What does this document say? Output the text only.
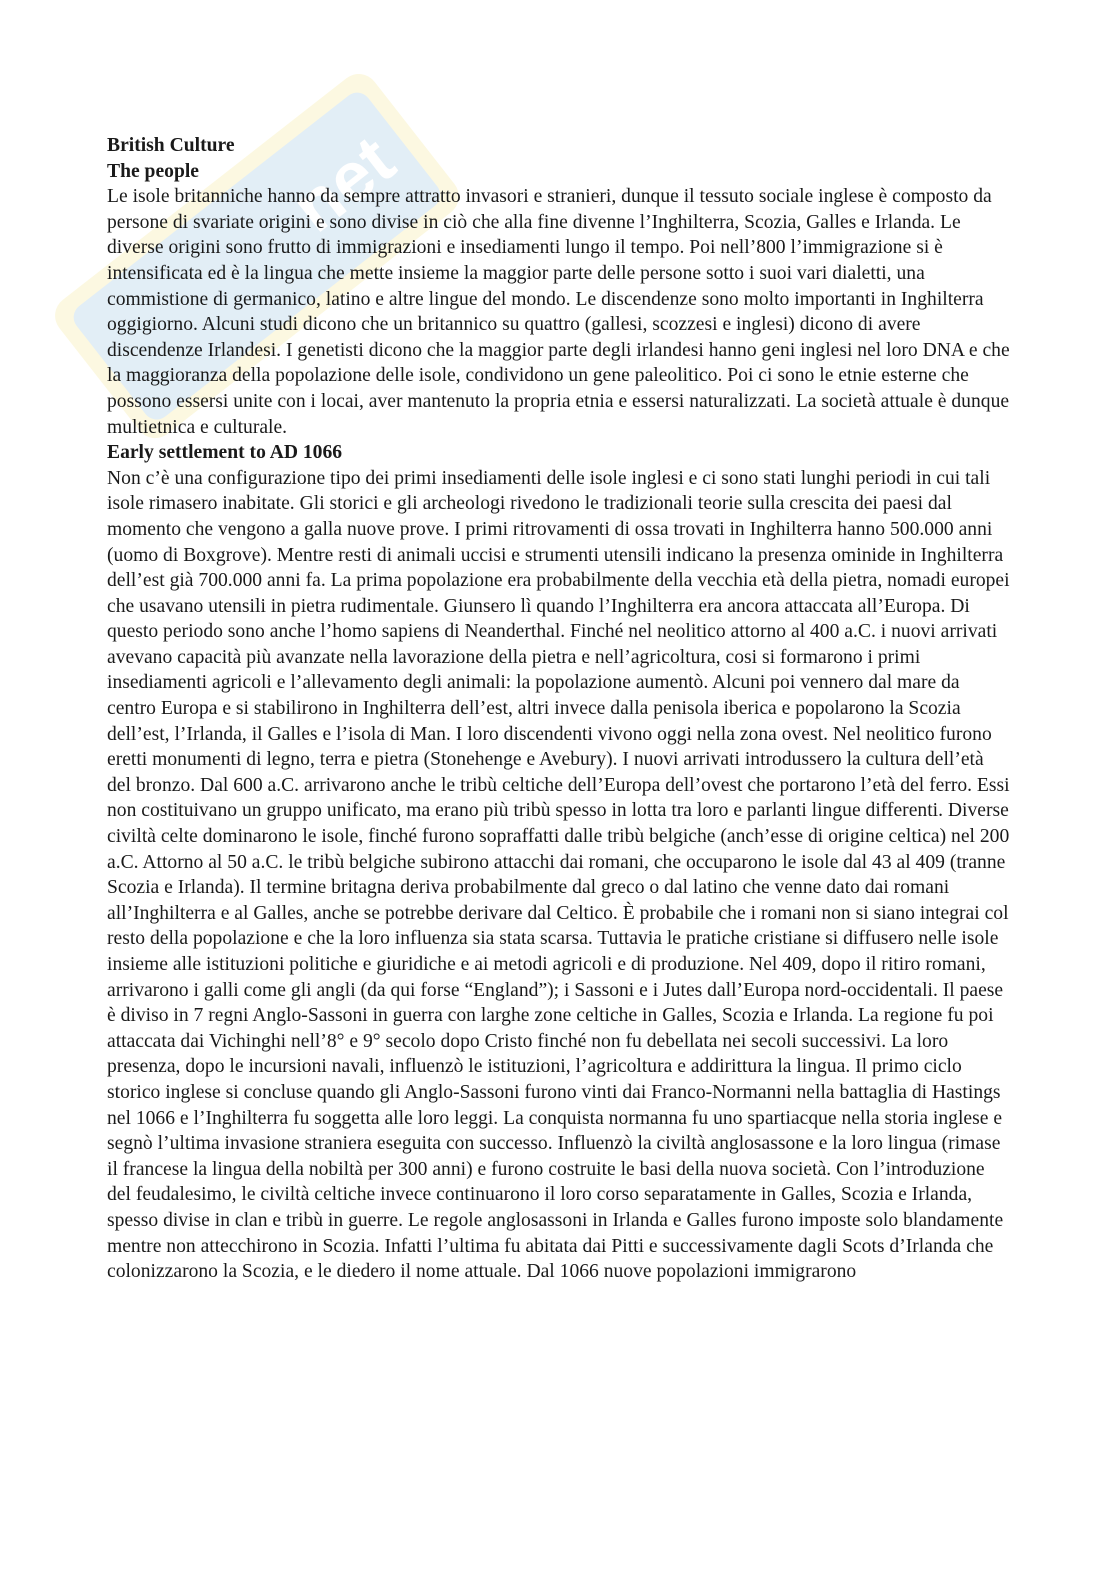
net

British Culture

The people

Le isole britanniche hanno da sempre attratto invasori e stranieri, dunque il tessuto sociale inglese è composto da persone di svariate origini e sono divise in ciò che alla fine divenne l’Inghilterra, Scozia, Galles e Irlanda. Le diverse origini sono frutto di immigrazioni e insediamenti lungo il tempo. Poi nell’800 l’immigrazione si è intensificata ed è la lingua che mette insieme la maggior parte delle persone sotto i suoi vari dialetti, una commistione di germanico, latino e altre lingue del mondo. Le discendenze sono molto importanti in Inghilterra oggigiorno. Alcuni studi dicono che un britannico su quattro (gallesi, scozzesi e inglesi) dicono di avere discendenze Irlandesi. I genetisti dicono che la maggior parte degli irlandesi hanno geni inglesi nel loro DNA e che la maggioranza della popolazione delle isole, condividono un gene paleolitico. Poi ci sono le etnie esterne che possono essersi unite con i locai, aver mantenuto la propria etnia e essersi naturalizzati. La società attuale è dunque multietnica e culturale.

Early settlement to AD 1066

Non c’è una configurazione tipo dei primi insediamenti delle isole inglesi e ci sono stati lunghi periodi in cui tali isole rimasero inabitate. Gli storici e gli archeologi rivedono le tradizionali teorie sulla crescita dei paesi dal momento che vengono a galla nuove prove. I primi ritrovamenti di ossa trovati in Inghilterra hanno 500.000 anni (uomo di Boxgrove). Mentre resti di animali uccisi e strumenti utensili indicano la presenza ominide in Inghilterra dell’est già 700.000 anni fa. La prima popolazione era probabilmente della vecchia età della pietra, nomadi europei che usavano utensili in pietra rudimentale. Giunsero lì quando l’Inghilterra era ancora attaccata all’Europa. Di questo periodo sono anche l’homo sapiens di Neanderthal. Finché nel neolitico attorno al 400 a.C. i nuovi arrivati avevano capacità più avanzate nella lavorazione della pietra e nell’agricoltura, cosi si formarono i primi insediamenti agricoli e l’allevamento degli animali: la popolazione aumentò. Alcuni poi vennero dal mare da centro Europa e si stabilirono in Inghilterra dell’est, altri invece dalla penisola iberica e popolarono la Scozia dell’est, l’Irlanda, il Galles e l’isola di Man. I loro discendenti vivono oggi nella zona ovest. Nel neolitico furono eretti monumenti di legno, terra e pietra (Stonehenge e Avebury). I nuovi arrivati introdussero la cultura dell’età del bronzo. Dal 600 a.C. arrivarono anche le tribù celtiche dell’Europa dell’ovest che portarono l’età del ferro. Essi non costituivano un gruppo unificato, ma erano più tribù spesso in lotta tra loro e parlanti lingue differenti. Diverse civiltà celte dominarono le isole, finché furono sopraffatti dalle tribù belgiche (anch’esse di origine celtica) nel 200 a.C. Attorno al 50 a.C. le tribù belgiche subirono attacchi dai romani, che occuparono le isole dal 43 al 409 (tranne Scozia e Irlanda). Il termine britagna deriva probabilmente dal greco o dal latino che venne dato dai romani all’Inghilterra e al Galles, anche se potrebbe derivare dal Celtico. È probabile che i romani non si siano integrai col resto della popolazione e che la loro influenza sia stata scarsa. Tuttavia le pratiche cristiane si diffusero nelle isole insieme alle istituzioni politiche e giuridiche e ai metodi agricoli e di produzione. Nel 409, dopo il ritiro romani, arrivarono i galli come gli angli (da qui forse “England”); i Sassoni e i Jutes dall’Europa nord-occidentali. Il paese è diviso in 7 regni Anglo-Sassoni in guerra con larghe zone celtiche in Galles, Scozia e Irlanda. La regione fu poi attaccata dai Vichinghi nell’8° e 9° secolo dopo Cristo finché non fu debellata nei secoli successivi. La loro presenza, dopo le incursioni navali, influenzò le istituzioni, l’agricoltura e addirittura la lingua. Il primo ciclo storico inglese si concluse quando gli Anglo-Sassoni furono vinti dai Franco-Normanni nella battaglia di Hastings nel 1066 e l’Inghilterra fu soggetta alle loro leggi. La conquista normanna fu uno spartiacque nella storia inglese e segnò l’ultima invasione straniera eseguita con successo. Influenzò la civiltà anglosassone e la loro lingua (rimase il francese la lingua della nobiltà per 300 anni) e furono costruite le basi della nuova società. Con l’introduzione del feudalesimo, le civiltà celtiche invece continuarono il loro corso separatamente in Galles, Scozia e Irlanda, spesso divise in clan e tribù in guerre. Le regole anglosassoni in Irlanda e Galles furono imposte solo blandamente mentre non attecchirono in Scozia. Infatti l’ultima fu abitata dai Pitti e successivamente dagli Scots d’Irlanda che colonizzarono la Scozia, e le diedero il nome attuale. Dal 1066 nuove popolazioni immigrarono
